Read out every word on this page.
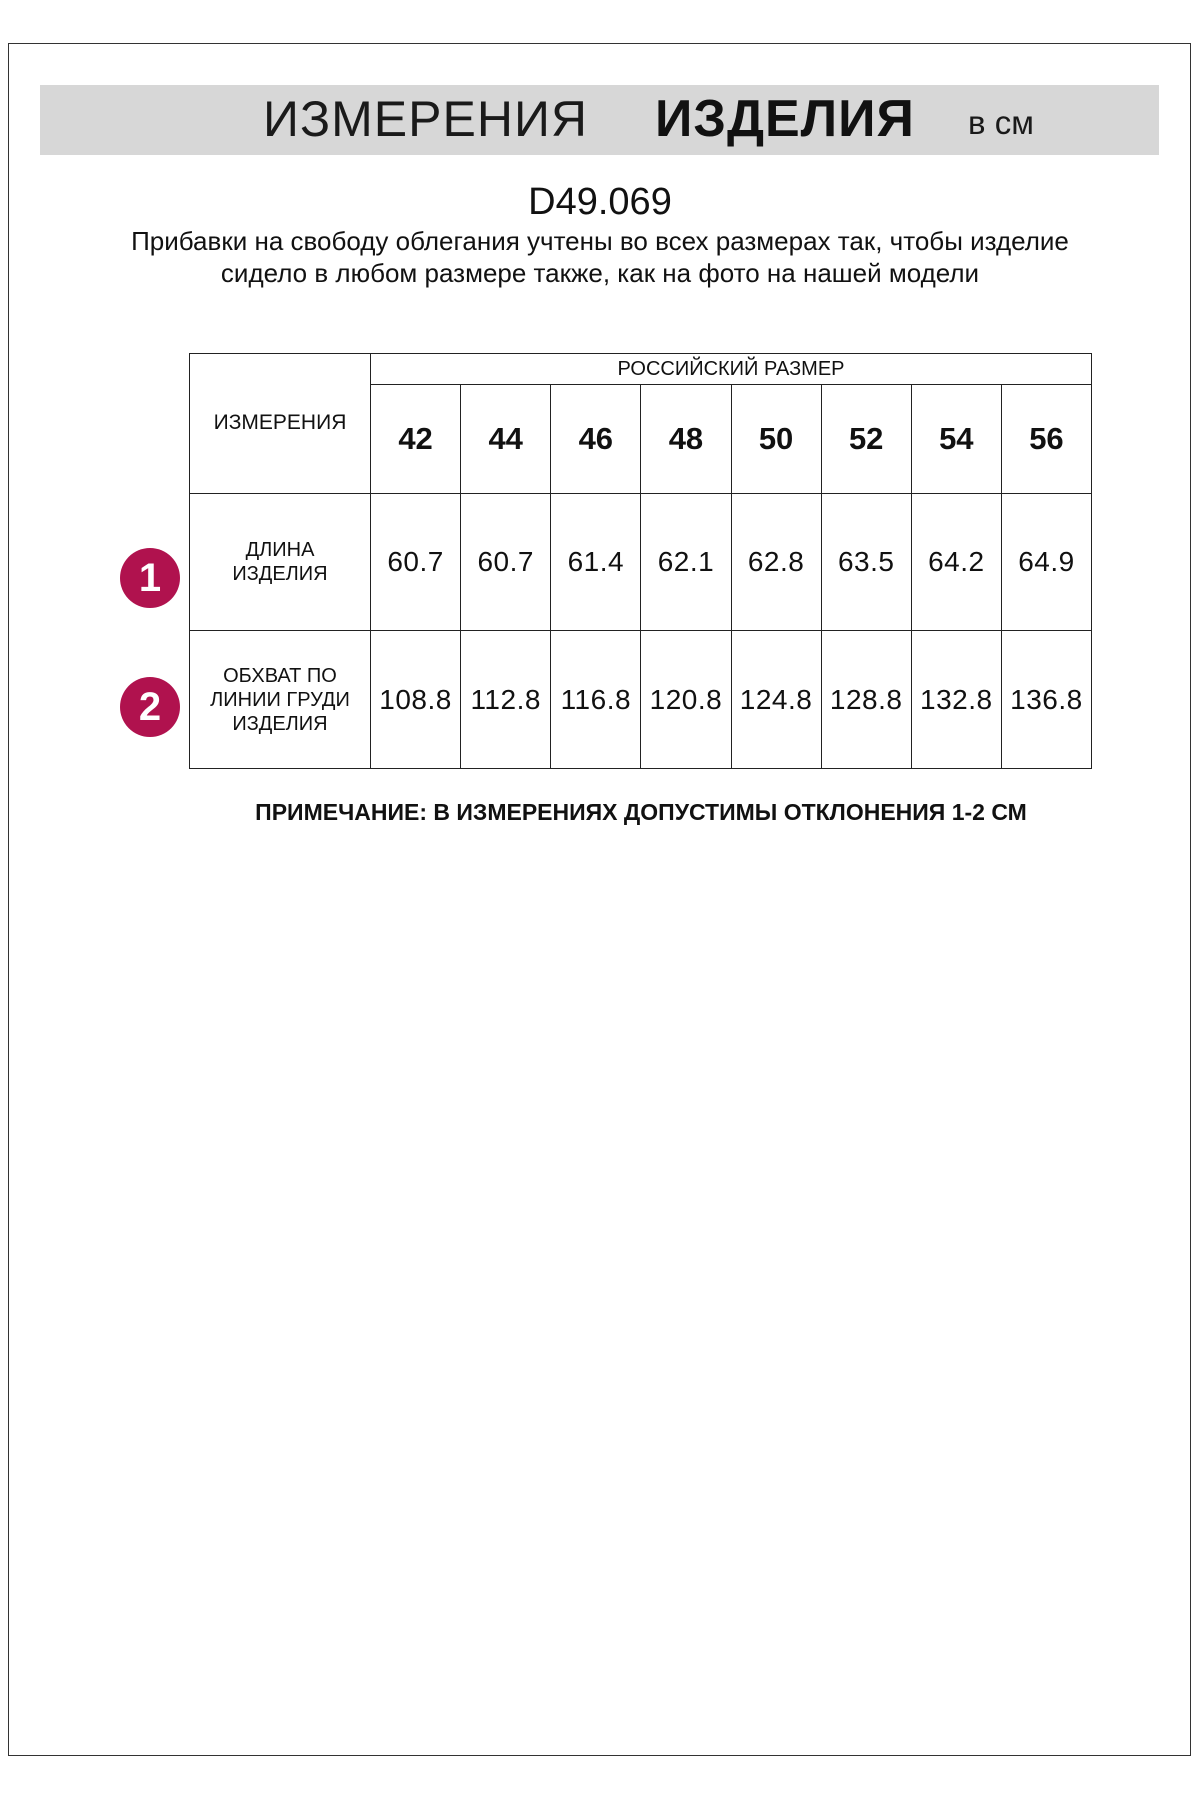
ИЗМЕРЕНИЯ ИЗДЕЛИЯ в см
D49.069
Прибавки на свободу облегания учтены во всех размерах так, чтобы изделие сидело в любом размере также, как на фото на нашей модели
ИЗМЕРЕНИЯ	РОССИЙСКИЙ РАЗМЕР							
	42	44	46	48	50	52	54	56
ДЛИНА
ИЗДЕЛИЯ	60.7	60.7	61.4	62.1	62.8	63.5	64.2	64.9
ОБХВАТ ПО
ЛИНИИ ГРУДИ
ИЗДЕЛИЯ	108.8	112.8	116.8	120.8	124.8	128.8	132.8	136.8
1
2
ПРИМЕЧАНИЕ: В ИЗМЕРЕНИЯХ ДОПУСТИМЫ ОТКЛОНЕНИЯ 1-2 СМ
